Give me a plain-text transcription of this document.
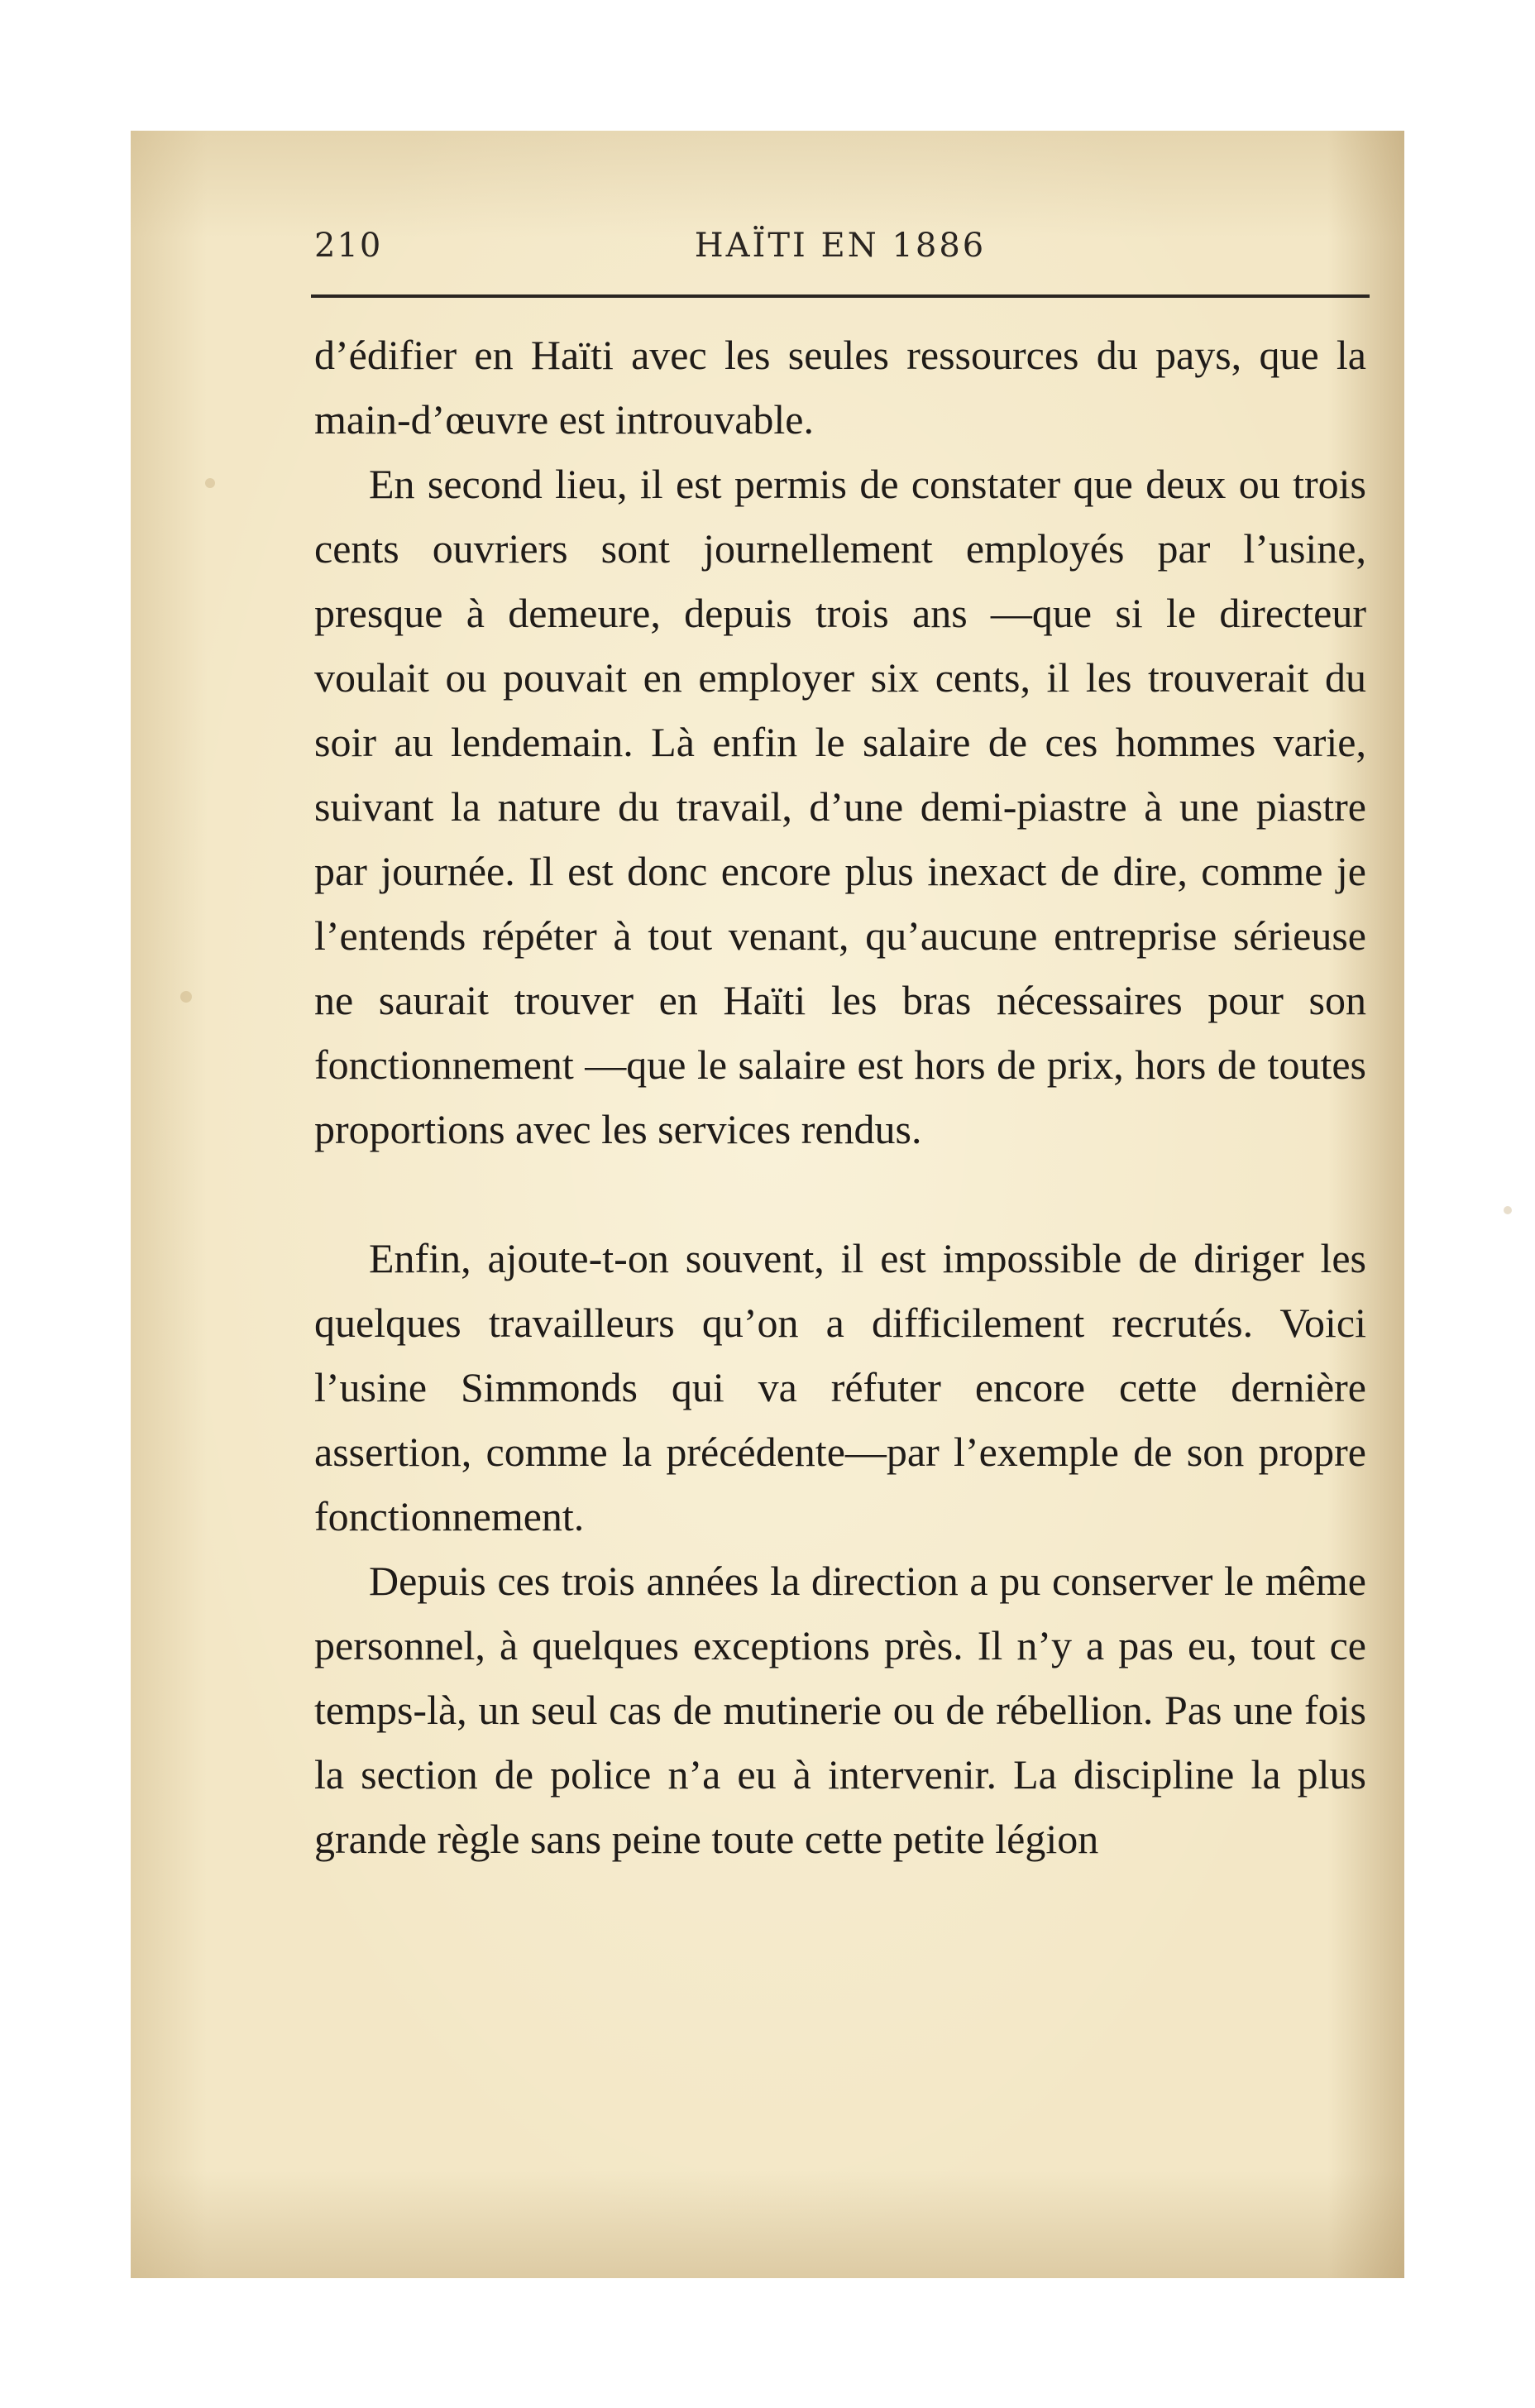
210	HAÏTI EN 1886

d’édifier en Haïti avec les seules ressources du pays, que la main-d’œuvre est introuvable.

En second lieu, il est permis de constater que deux ou trois cents ouvriers sont journellement employés par l’usine, presque à demeure, depuis trois ans —que si le directeur voulait ou pouvait en employer six cents, il les trouverait du soir au lendemain. Là enfin le salaire de ces hommes varie, suivant la nature du travail, d’une demi-piastre à une piastre par journée. Il est donc encore plus inexact de dire, comme je l’entends répéter à tout venant, qu’aucune entreprise sérieuse ne saurait trouver en Haïti les bras nécessaires pour son fonctionnement —que le salaire est hors de prix, hors de toutes proportions avec les services rendus.

Enfin, ajoute-t-on souvent, il est impossible de diriger les quelques travailleurs qu’on a difficilement recrutés. Voici l’usine Simmonds qui va réfuter encore cette dernière assertion, comme la précédente—par l’exemple de son propre fonctionnement.

Depuis ces trois années la direction a pu conserver le même personnel, à quelques exceptions près. Il n’y a pas eu, tout ce temps-là, un seul cas de mutinerie ou de rébellion. Pas une fois la section de police n’a eu à intervenir. La discipline la plus grande règle sans peine toute cette petite légion
